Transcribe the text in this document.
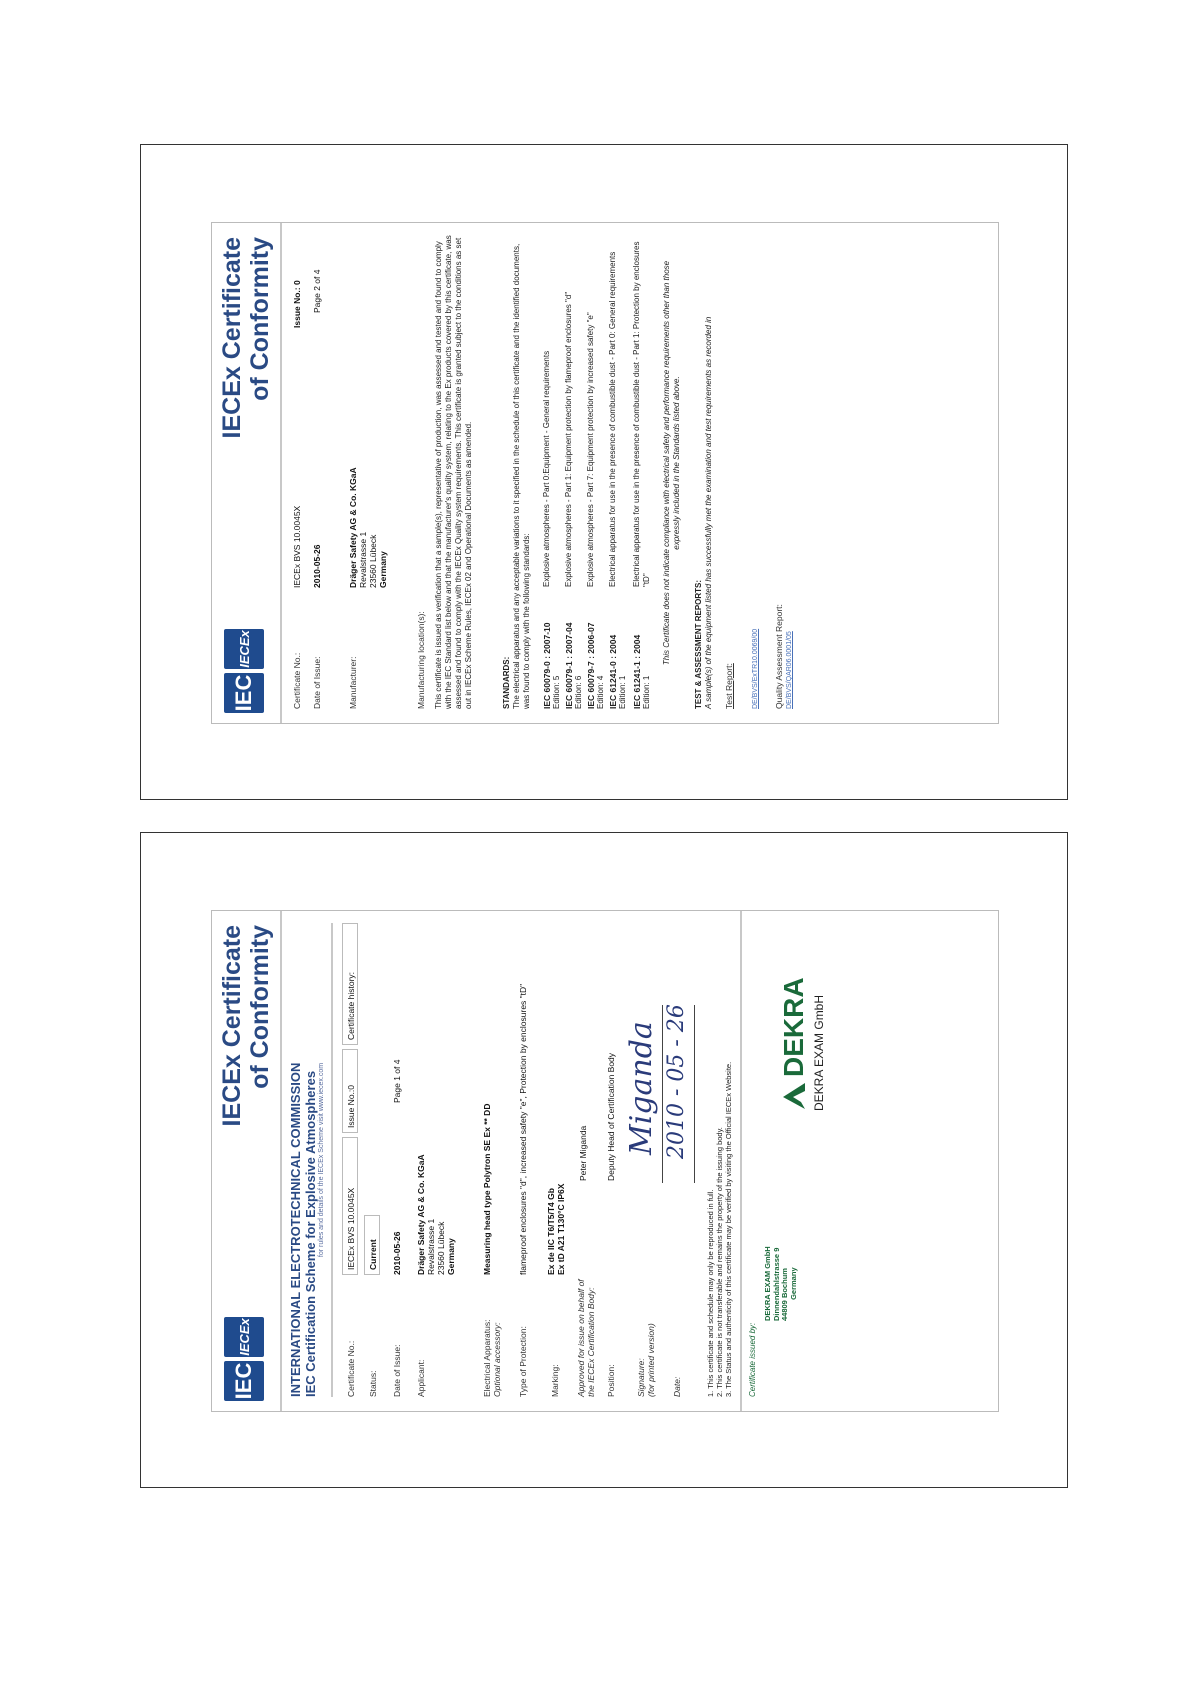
IEC
IECEx
IECEx Certificate of Conformity
Certificate No.:
IECEx BVS 10.0045X
Issue No.: 0
Date of Issue:
2010-05-26
Page 2 of 4
Manufacturer:
Dräger Safety AG & Co. KGaA Revalstrasse 1 23560 Lübeck Germany
Manufacturing location(s): This certificate is issued as verification that a sample(s), representative of production, was assessed and tested and found to comply with the IEC Standard list below and that the manufacturer's quality system, relating to the Ex products covered by this certificate, was assessed and found to comply with the IECEx Quality system requirements. This certificate is granted subject to the conditions as set out in IECEx Scheme Rules, IECEx 02 and Operational Documents as amended.	STANDARDS: The electrical apparatus and any acceptable variations to it specified in the schedule of this certificate and the identified documents, was found to comply with the following standards: IEC 60079-0 : 2007-10 Edition: 5
Explosive atmospheres - Part 0:Equipment - General requirements
IEC 60079-1 : 2007-04 Edition: 6
Explosive atmospheres - Part 1: Equipment protection by flameproof enclosures "d"
IEC 60079-7 : 2006-07 Edition: 4
Explosive atmospheres - Part 7: Equipment protection by increased safety "e"
IEC 61241-0 : 2004 Edition: 1
Electrical apparatus for use in the presence of combustible dust - Part 0: General requirements
IEC 61241-1 : 2004 Edition: 1
Electrical apparatus for use in the presence of combustible dust - Part 1: Protection by enclosures "tD" This Certificate does not indicate compliance with electrical safety and performance requirements other than those expressly included in the Standards listed above.
TEST & ASSESSMENT REPORTS: A sample(s) of the equipment listed has successfully met the examination and test requirements as recorded in Test Report:	DE/BVS/ExTR10.0069/00 Quality Assessment Report: DE/BVS/QAR06.0001/05
IEC
IECEx
IECEx Certificate of Conformity
INTERNATIONAL ELECTROTECHNICAL COMMISSION IEC Certification Scheme for Explosive Atmospheres for rules and details of the IECEx Scheme visit www.iecex.com
Certificate No.:
IECEx BVS 10.0045X
Issue No.:0
Certificate history:
Status:
Current
Date of Issue:
2010-05-26
Page 1 of 4
Applicant:
Dräger Safety AG & Co. KGaA Revalstrasse 1 23560 Lübeck Germany
Electrical Apparatus: Optional accessory:
Measuring head type Polytron SE Ex ** DD
Type of Protection:
flameproof enclosures "d", increased safety "e", Protection by enclosures "tD"
Marking:
Ex de IIC T6/T5/T4 Gb Ex tD A21 T130°C IP6X
Approved for issue on behalf of the IECEx Certification Body:
Peter Miganda
Position:
Deputy Head of Certification Body
Signature: (for printed version)
Miganda
Date:
2010 - 05 - 26
1. This certificate and schedule may only be reproduced in full. 2. This certificate is not transferable and remains the property of the issuing body. 3. The Status and authenticity of this certificate may be verified by visiting the Official IECEx Website. Certificate issued by:
DEKRA EXAM GmbH Dinnendahlstrasse 9 44809 Bochum Germany
DEKRA DEKRA EXAM GmbH
